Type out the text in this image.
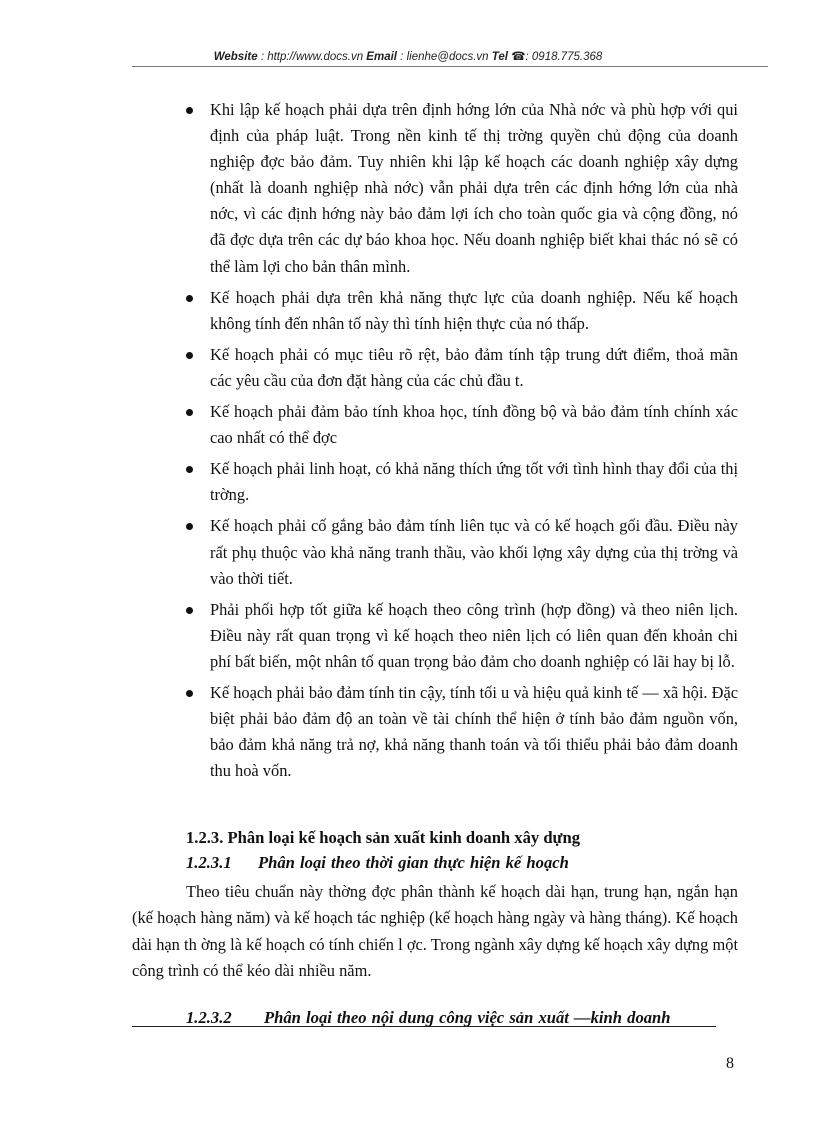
Website : http://www.docs.vn Email : lienhe@docs.vn Tel ☎: 0918.775.368
Khi lập kế hoạch phải dựa trên định hớng lớn của Nhà nớc và phù hợp với qui định của pháp luật. Trong nền kinh tế thị trờng quyền chủ động của doanh nghiệp đợc bảo đảm. Tuy nhiên khi lập kế hoạch các doanh nghiệp xây dựng (nhất là doanh nghiệp nhà nớc) vẫn phải dựa trên các định hớng lớn của nhà nớc, vì các định hớng này bảo đảm lợi ích cho toàn quốc gia và cộng đồng, nó đã đợc dựa trên các dự báo khoa học. Nếu doanh nghiệp biết khai thác nó sẽ có thể làm lợi cho bản thân mình.
Kế hoạch phải dựa trên khả năng thực lực của doanh nghiệp. Nếu kế hoạch không tính đến nhân tố này thì tính hiện thực của nó thấp.
Kế hoạch phải có mục tiêu rõ rệt, bảo đảm tính tập trung dứt điểm, thoả mãn các yêu cầu của đơn đặt hàng của các chủ đầu t.
Kế hoạch phải đảm bảo tính khoa học, tính đồng bộ và bảo đảm tính chính xác cao nhất có thể đợc
Kế hoạch phải linh hoạt, có khả năng thích ứng tốt với tình hình thay đổi của thị trờng.
Kế hoạch phải cố gắng bảo đảm tính liên tục và có kế hoạch gối đầu. Điều này rất phụ thuộc vào khả năng tranh thầu, vào khối lợng xây dựng của thị trờng và vào thời tiết.
Phải phối hợp tốt giữa kế hoạch theo công trình (hợp đồng) và theo niên lịch. Điều này rất quan trọng vì kế hoạch theo niên lịch có liên quan đến khoản chi phí bất biến, một nhân tố quan trọng bảo đảm cho doanh nghiệp có lãi hay bị lỗ.
Kế hoạch phải bảo đảm tính tin cậy, tính tối u và hiệu quả kinh tế — xã hội. Đặc biệt phải bảo đảm độ an toàn về tài chính thể hiện ở tính bảo đảm nguồn vốn, bảo đảm khả năng trả nợ, khả năng thanh toán và tối thiểu phải bảo đảm doanh thu hoà vốn.
1.2.3. Phân loại kế hoạch sản xuất kinh doanh xây dựng
1.2.3.1 Phân loại theo thời gian thực hiện kế hoạch

Theo tiêu chuẩn này thờng đợc phân thành kế hoạch dài hạn, trung hạn, ngắn hạn (kế hoạch hàng năm) và kế hoạch tác nghiệp (kế hoạch hàng ngày và hàng tháng). Kế hoạch dài hạn th ờng là kế hoạch có tính chiến l ợc. Trong ngành xây dựng kế hoạch xây dựng một công trình có thể kéo dài nhiều năm.

1.2.3.2 Phân loại theo nội dung công việc sản xuất —kinh doanh
8
